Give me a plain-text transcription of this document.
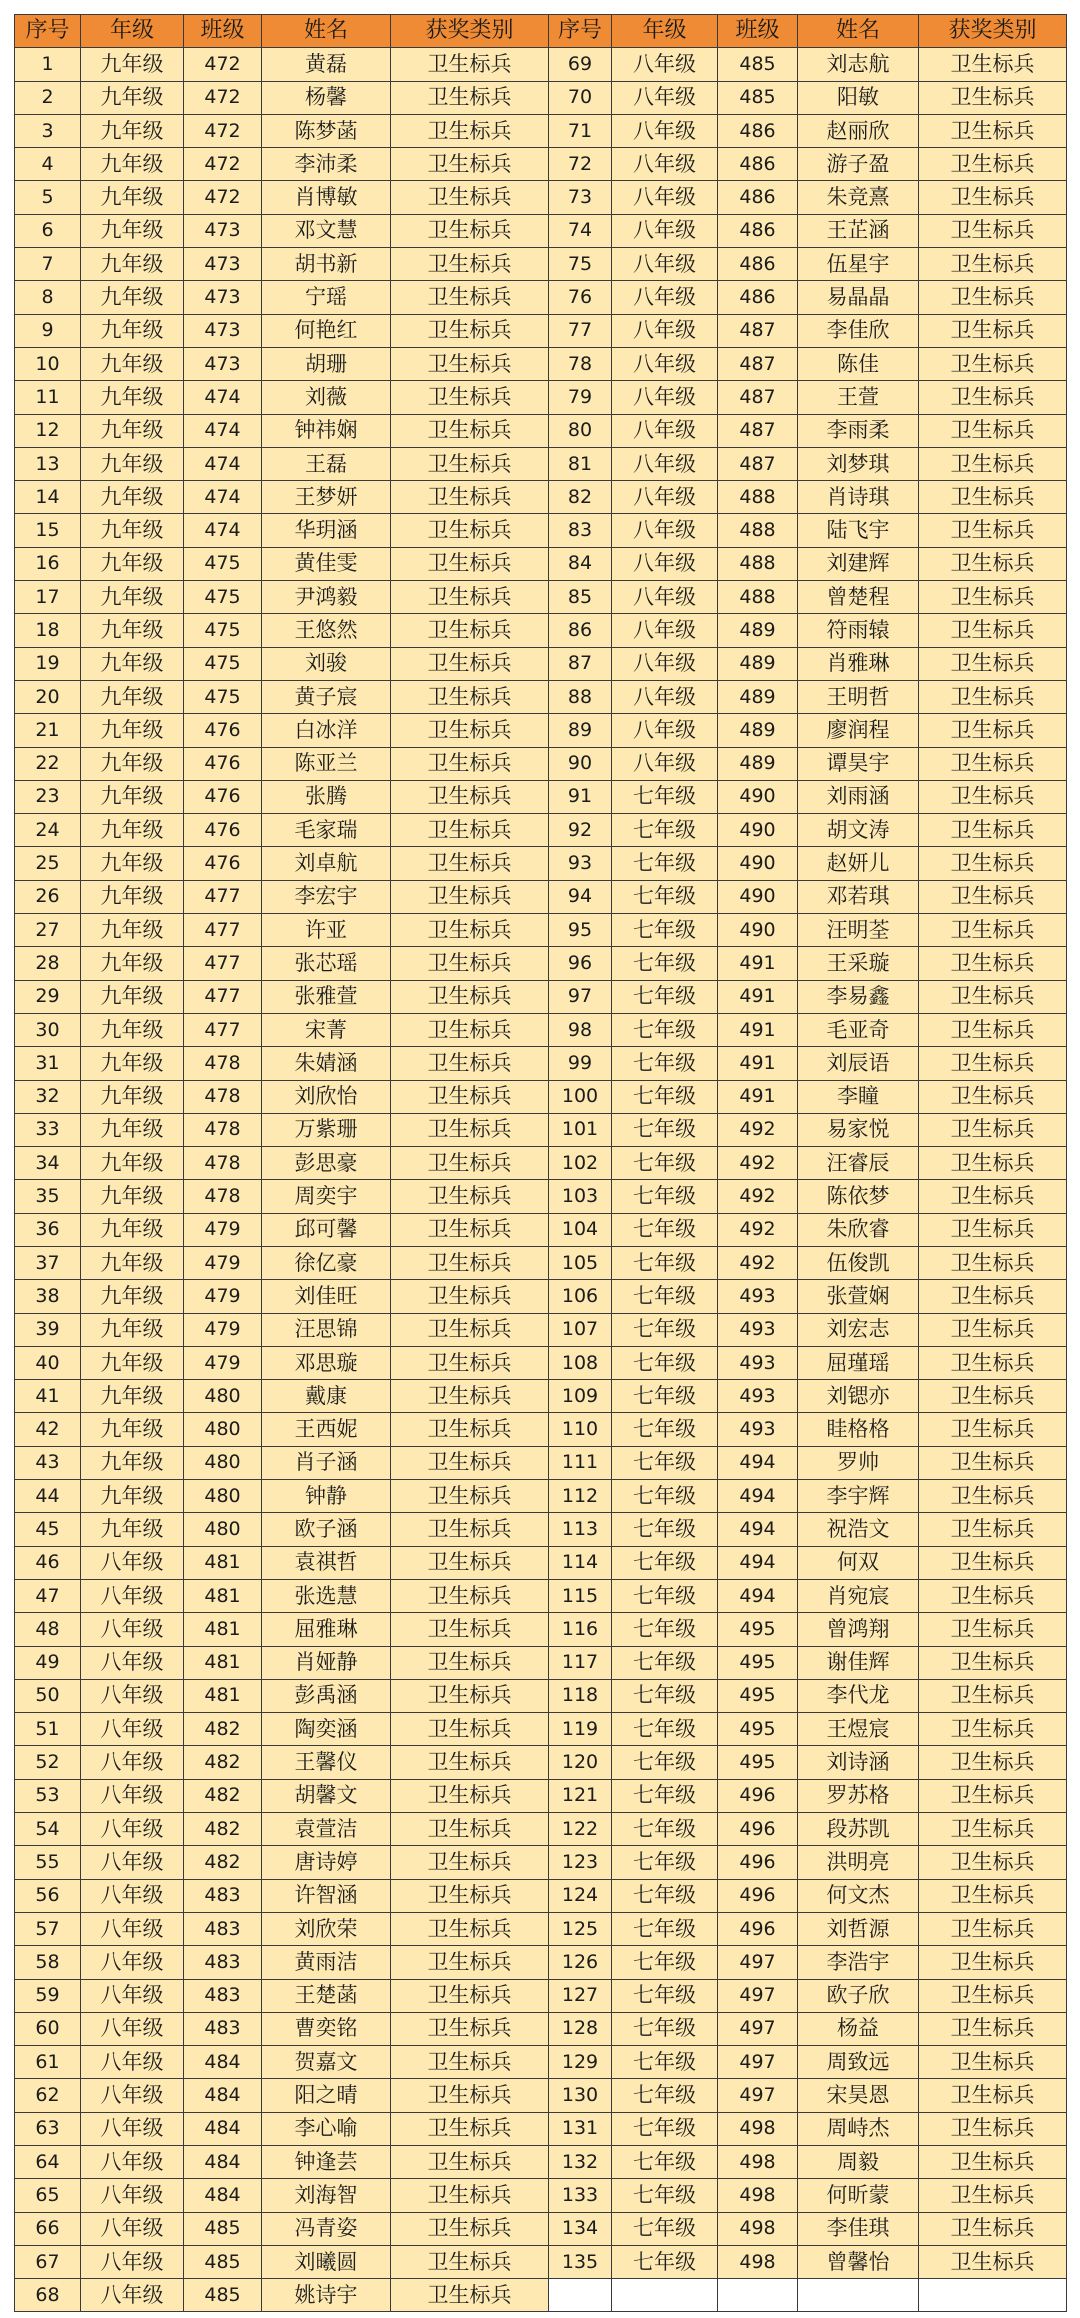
序号	年级	班级	姓名	获奖类别	序号	年级	班级	姓名	获奖类别
1	九年级	472	黄磊	卫生标兵	69	八年级	485	刘志航	卫生标兵
2	九年级	472	杨馨	卫生标兵	70	八年级	485	阳敏	卫生标兵
3	九年级	472	陈梦菡	卫生标兵	71	八年级	486	赵丽欣	卫生标兵
4	九年级	472	李沛柔	卫生标兵	72	八年级	486	游子盈	卫生标兵
5	九年级	472	肖博敏	卫生标兵	73	八年级	486	朱竞熹	卫生标兵
6	九年级	473	邓文慧	卫生标兵	74	八年级	486	王芷涵	卫生标兵
7	九年级	473	胡书新	卫生标兵	75	八年级	486	伍星宇	卫生标兵
8	九年级	473	宁瑶	卫生标兵	76	八年级	486	易晶晶	卫生标兵
9	九年级	473	何艳红	卫生标兵	77	八年级	487	李佳欣	卫生标兵
10	九年级	473	胡珊	卫生标兵	78	八年级	487	陈佳	卫生标兵
11	九年级	474	刘薇	卫生标兵	79	八年级	487	王萱	卫生标兵
12	九年级	474	钟祎娴	卫生标兵	80	八年级	487	李雨柔	卫生标兵
13	九年级	474	王磊	卫生标兵	81	八年级	487	刘梦琪	卫生标兵
14	九年级	474	王梦妍	卫生标兵	82	八年级	488	肖诗琪	卫生标兵
15	九年级	474	华玥涵	卫生标兵	83	八年级	488	陆飞宇	卫生标兵
16	九年级	475	黄佳雯	卫生标兵	84	八年级	488	刘建辉	卫生标兵
17	九年级	475	尹鸿毅	卫生标兵	85	八年级	488	曾楚程	卫生标兵
18	九年级	475	王悠然	卫生标兵	86	八年级	489	符雨辕	卫生标兵
19	九年级	475	刘骏	卫生标兵	87	八年级	489	肖雅琳	卫生标兵
20	九年级	475	黄子宸	卫生标兵	88	八年级	489	王明哲	卫生标兵
21	九年级	476	白冰洋	卫生标兵	89	八年级	489	廖润程	卫生标兵
22	九年级	476	陈亚兰	卫生标兵	90	八年级	489	谭昊宇	卫生标兵
23	九年级	476	张腾	卫生标兵	91	七年级	490	刘雨涵	卫生标兵
24	九年级	476	毛家瑞	卫生标兵	92	七年级	490	胡文涛	卫生标兵
25	九年级	476	刘卓航	卫生标兵	93	七年级	490	赵妍儿	卫生标兵
26	九年级	477	李宏宇	卫生标兵	94	七年级	490	邓若琪	卫生标兵
27	九年级	477	许亚	卫生标兵	95	七年级	490	汪明荃	卫生标兵
28	九年级	477	张芯瑶	卫生标兵	96	七年级	491	王采璇	卫生标兵
29	九年级	477	张雅萱	卫生标兵	97	七年级	491	李易鑫	卫生标兵
30	九年级	477	宋菁	卫生标兵	98	七年级	491	毛亚奇	卫生标兵
31	九年级	478	朱婧涵	卫生标兵	99	七年级	491	刘辰语	卫生标兵
32	九年级	478	刘欣怡	卫生标兵	100	七年级	491	李瞳	卫生标兵
33	九年级	478	万紫珊	卫生标兵	101	七年级	492	易家悦	卫生标兵
34	九年级	478	彭思豪	卫生标兵	102	七年级	492	汪睿辰	卫生标兵
35	九年级	478	周奕宇	卫生标兵	103	七年级	492	陈依梦	卫生标兵
36	九年级	479	邱可馨	卫生标兵	104	七年级	492	朱欣睿	卫生标兵
37	九年级	479	徐亿豪	卫生标兵	105	七年级	492	伍俊凯	卫生标兵
38	九年级	479	刘佳旺	卫生标兵	106	七年级	493	张萱娴	卫生标兵
39	九年级	479	汪思锦	卫生标兵	107	七年级	493	刘宏志	卫生标兵
40	九年级	479	邓思璇	卫生标兵	108	七年级	493	屈瑾瑶	卫生标兵
41	九年级	480	戴康	卫生标兵	109	七年级	493	刘锶亦	卫生标兵
42	九年级	480	王西妮	卫生标兵	110	七年级	493	眭格格	卫生标兵
43	九年级	480	肖子涵	卫生标兵	111	七年级	494	罗帅	卫生标兵
44	九年级	480	钟静	卫生标兵	112	七年级	494	李宇辉	卫生标兵
45	九年级	480	欧子涵	卫生标兵	113	七年级	494	祝浩文	卫生标兵
46	八年级	481	袁祺哲	卫生标兵	114	七年级	494	何双	卫生标兵
47	八年级	481	张选慧	卫生标兵	115	七年级	494	肖宛宸	卫生标兵
48	八年级	481	屈雅琳	卫生标兵	116	七年级	495	曾鸿翔	卫生标兵
49	八年级	481	肖娅静	卫生标兵	117	七年级	495	谢佳辉	卫生标兵
50	八年级	481	彭禹涵	卫生标兵	118	七年级	495	李代龙	卫生标兵
51	八年级	482	陶奕涵	卫生标兵	119	七年级	495	王煜宸	卫生标兵
52	八年级	482	王馨仪	卫生标兵	120	七年级	495	刘诗涵	卫生标兵
53	八年级	482	胡馨文	卫生标兵	121	七年级	496	罗苏格	卫生标兵
54	八年级	482	袁萱洁	卫生标兵	122	七年级	496	段苏凯	卫生标兵
55	八年级	482	唐诗婷	卫生标兵	123	七年级	496	洪明亮	卫生标兵
56	八年级	483	许智涵	卫生标兵	124	七年级	496	何文杰	卫生标兵
57	八年级	483	刘欣荣	卫生标兵	125	七年级	496	刘哲源	卫生标兵
58	八年级	483	黄雨洁	卫生标兵	126	七年级	497	李浩宇	卫生标兵
59	八年级	483	王楚菡	卫生标兵	127	七年级	497	欧子欣	卫生标兵
60	八年级	483	曹奕铭	卫生标兵	128	七年级	497	杨益	卫生标兵
61	八年级	484	贺嘉文	卫生标兵	129	七年级	497	周致远	卫生标兵
62	八年级	484	阳之晴	卫生标兵	130	七年级	497	宋昊恩	卫生标兵
63	八年级	484	李心喻	卫生标兵	131	七年级	498	周峙杰	卫生标兵
64	八年级	484	钟逢芸	卫生标兵	132	七年级	498	周毅	卫生标兵
65	八年级	484	刘海智	卫生标兵	133	七年级	498	何昕蒙	卫生标兵
66	八年级	485	冯青姿	卫生标兵	134	七年级	498	李佳琪	卫生标兵
67	八年级	485	刘曦圆	卫生标兵	135	七年级	498	曾馨怡	卫生标兵
68	八年级	485	姚诗宇	卫生标兵					
